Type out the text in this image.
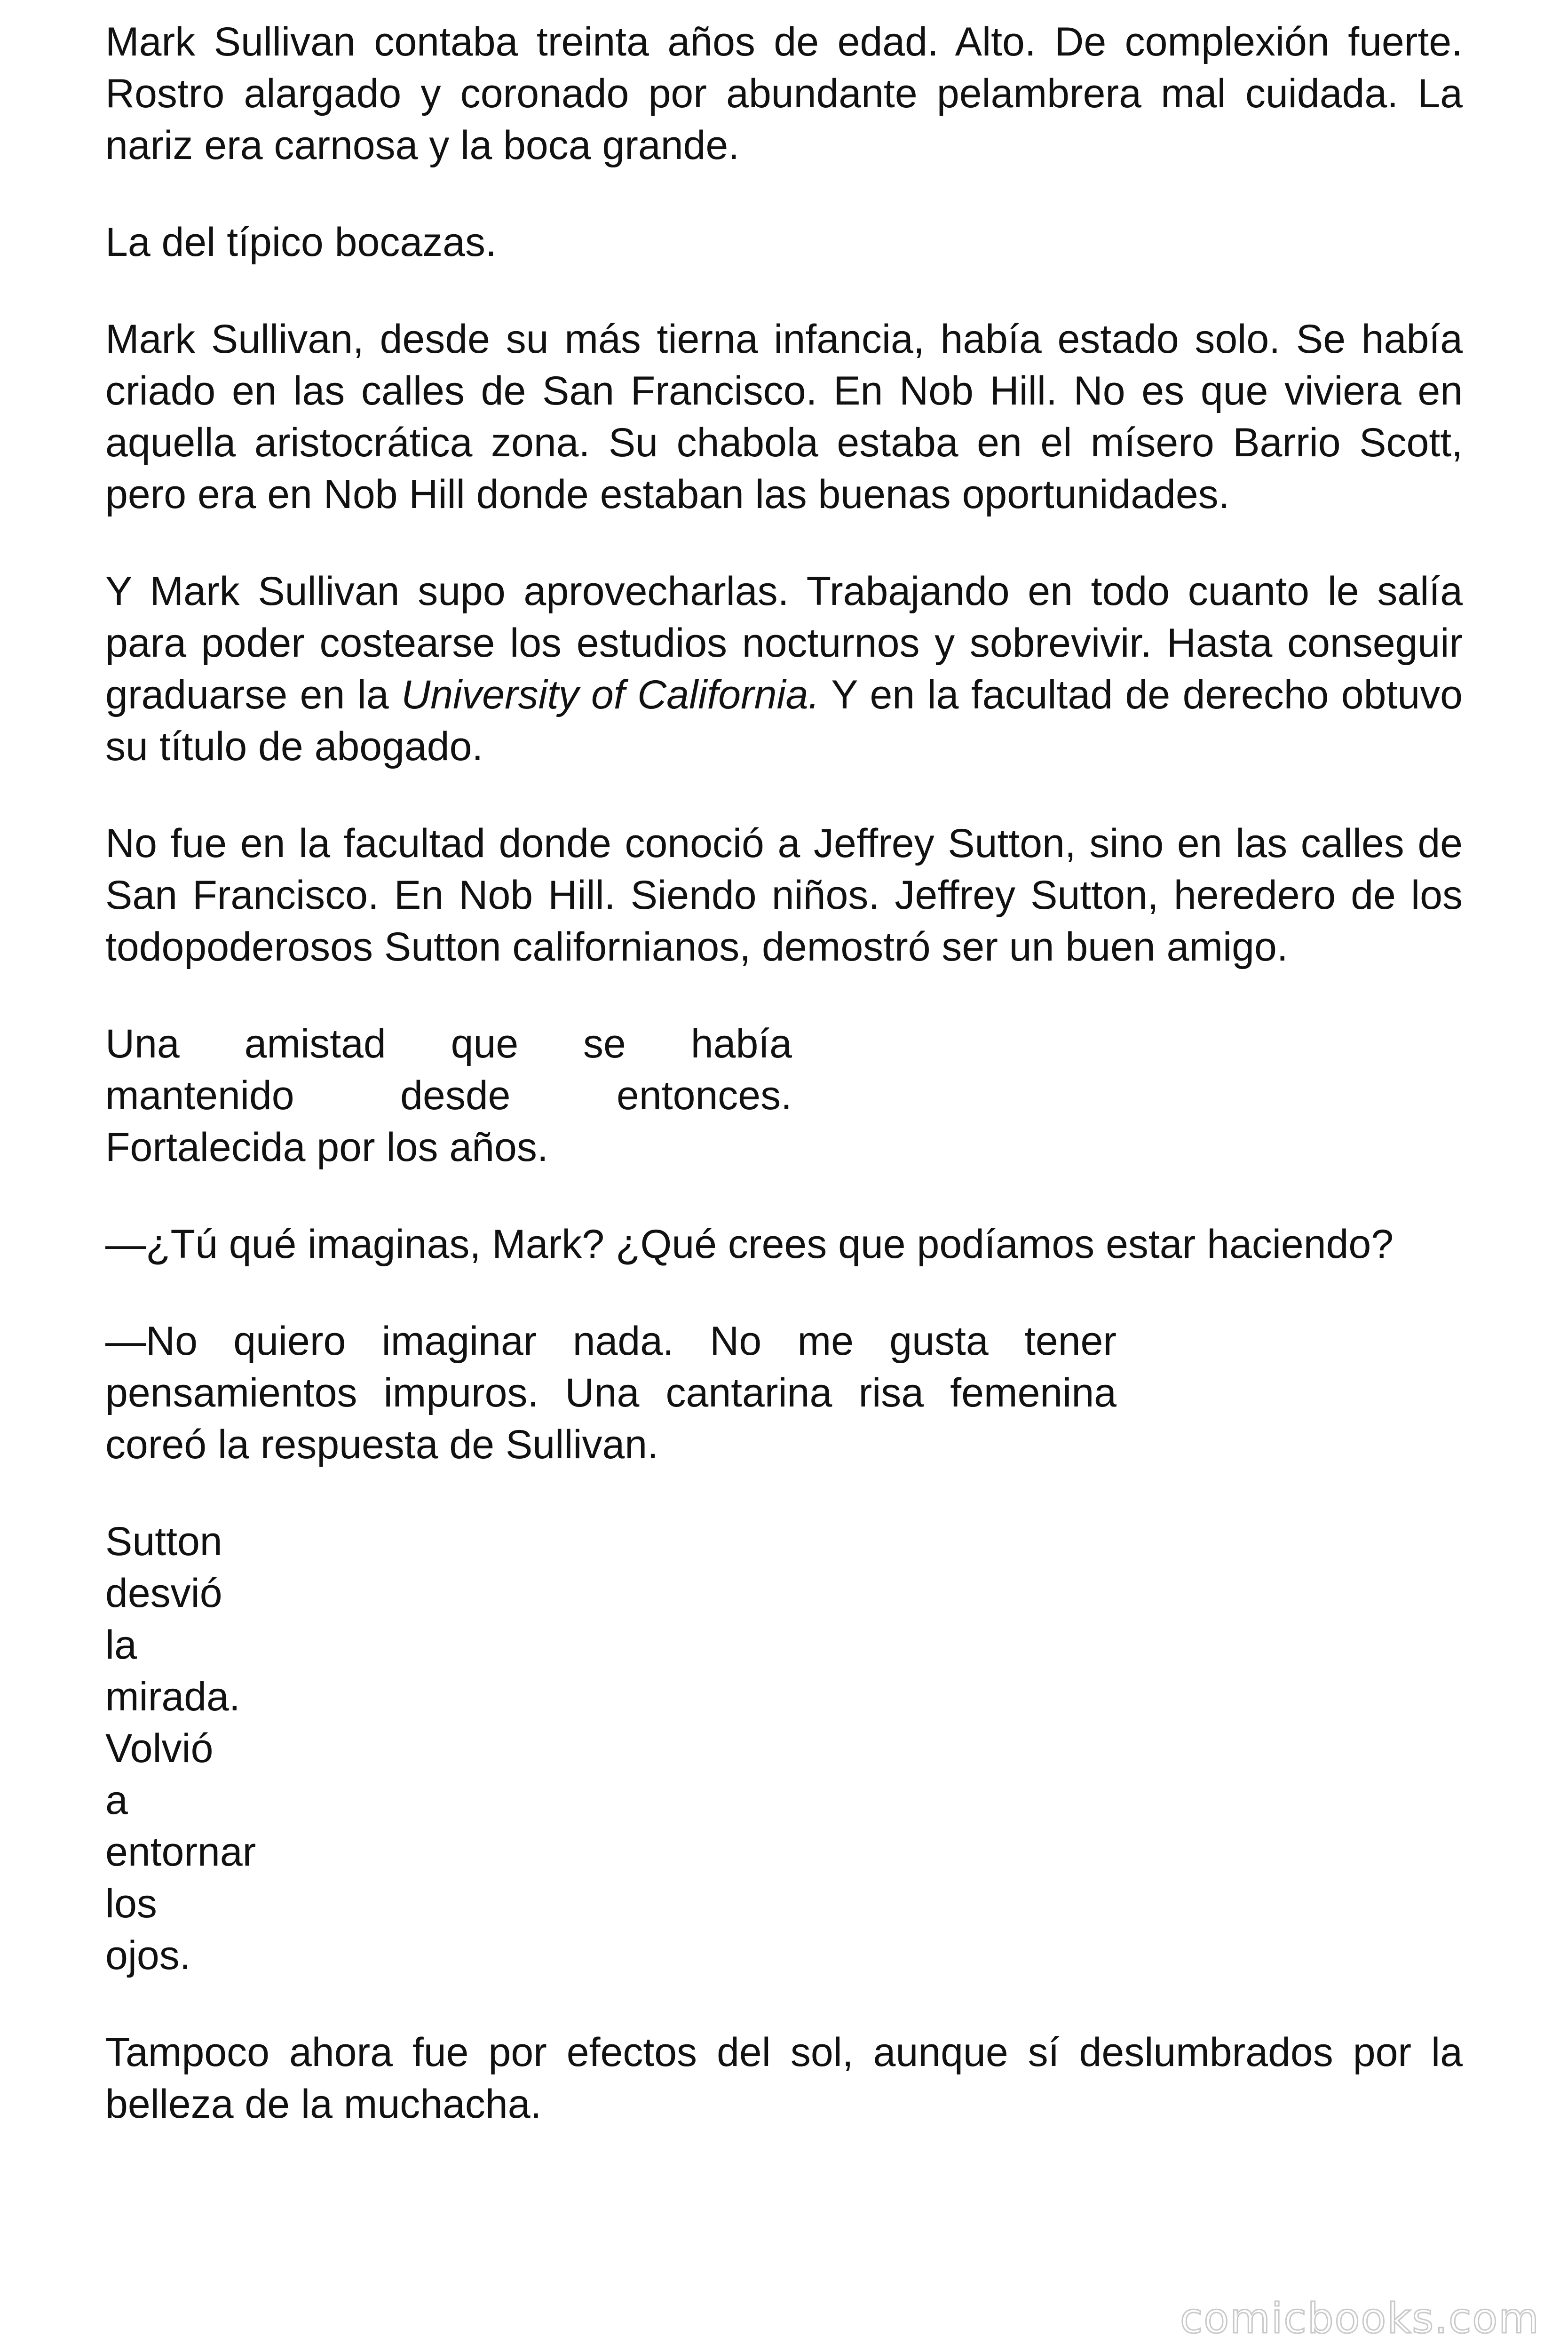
Mark Sullivan contaba treinta años de edad. Alto. De complexión fuerte. Rostro alargado y coronado por abundante pelambrera mal cuidada. La nariz era carnosa y la boca grande.

La del típico bocazas.

Mark Sullivan, desde su más tierna infancia, había estado solo. Se había criado en las calles de San Francisco. En Nob Hill. No es que viviera en aquella aristocrática zona. Su chabola estaba en el mísero Barrio Scott, pero era en Nob Hill donde estaban las buenas oportunidades.

Y Mark Sullivan supo aprovecharlas. Trabajando en todo cuanto le salía para poder costearse los estudios nocturnos y sobrevivir. Hasta conseguir graduarse en la University of California. Y en la facultad de derecho obtuvo su título de abogado.

No fue en la facultad donde conoció a Jeffrey Sutton, sino en las calles de San Francisco. En Nob Hill. Siendo niños. Jeffrey Sutton, heredero de los todopoderosos Sutton californianos, demostró ser un buen amigo.

Una amistad que se había
mantenido desde entonces.
Fortalecida por los años.

—¿Tú qué imaginas, Mark? ¿Qué crees que podíamos estar haciendo?

—No quiero imaginar nada. No me gusta tener pensamientos impuros. Una cantarina risa femenina coreó la respuesta de Sullivan.

Sutton
desvió
la
mirada.
Volvió
a
entornar
los
ojos.

Tampoco ahora fue por efectos del sol, aunque sí deslumbrados por la belleza de la muchacha.

comicbooks.com
